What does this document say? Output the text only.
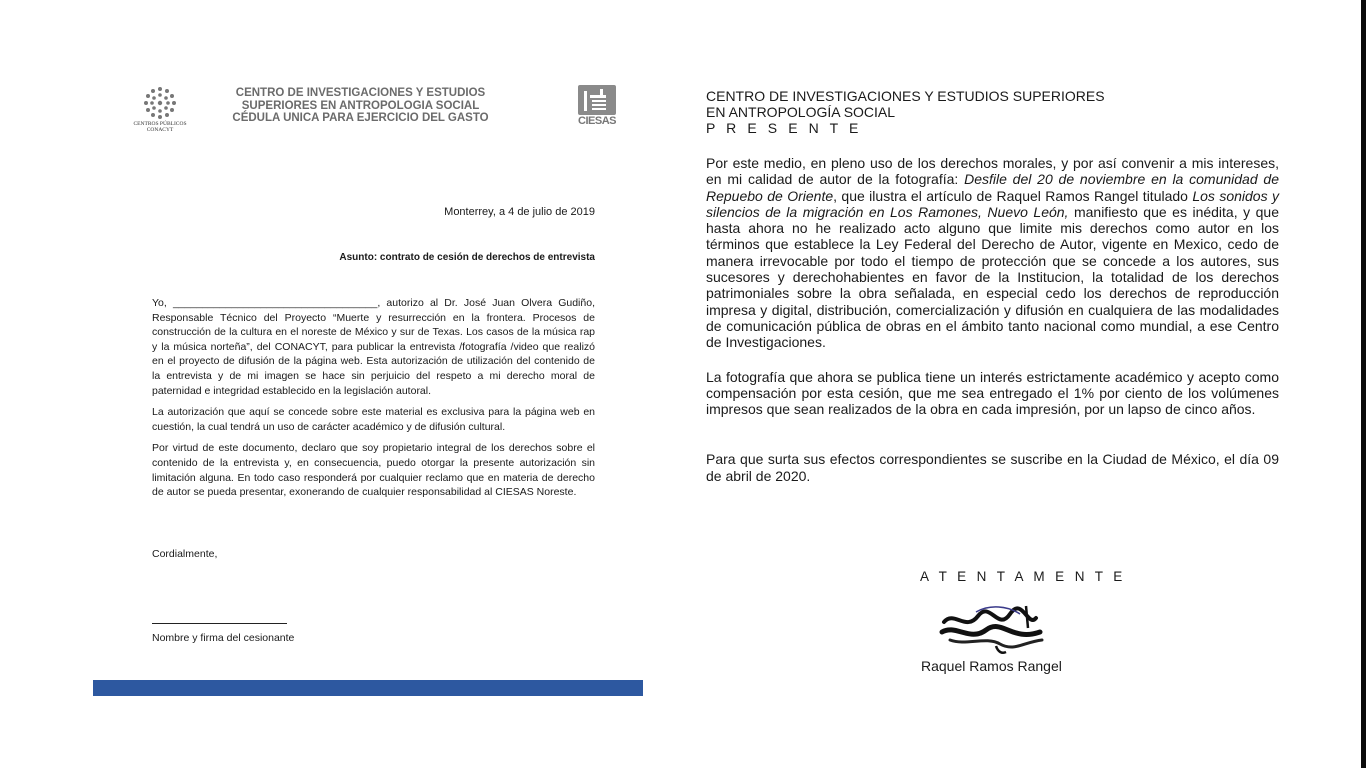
CENTROS PÚBLICOS CONACYT
CENTRO DE INVESTIGACIONES Y ESTUDIOS
SUPERIORES EN ANTROPOLOGIA SOCIAL
CÉDULA UNICA PARA EJERCICIO DEL GASTO	CIESAS
Monterrey, a 4 de julio de 2019
Asunto: contrato de cesión de derechos de entrevista

Yo, ___________________________________, autorizo al Dr. José Juan Olvera Gudiño, Responsable Técnico del Proyecto “Muerte y resurrección en la frontera. Procesos de construcción de la cultura en el noreste de México y sur de Texas. Los casos de la música rap y la música norteña”, del CONACYT, para publicar la entrevista /fotografía /video que realizó en el proyecto de difusión de la página web. Esta autorización de utilización del contenido de la entrevista y de mi imagen se hace sin perjuicio del respeto a mi derecho moral de paternidad e integridad establecido en la legislación autoral.

La autorización que aquí se concede sobre este material es exclusiva para la página web en cuestión, la cual tendrá un uso de carácter académico y de difusión cultural.

Por virtud de este documento, declaro que soy propietario integral de los derechos sobre el contenido de la entrevista y, en consecuencia, puedo otorgar la presente autorización sin limitación alguna. En todo caso responderá por cualquier reclamo que en materia de derecho de autor se pueda presentar, exonerando de cualquier responsabilidad al CIESAS Noreste.

Cordialmente,
Nombre y firma del cesionante
CENTRO DE INVESTIGACIONES Y ESTUDIOS SUPERIORES
EN ANTROPOLOGÍA SOCIAL
P R E S E N T E

Por este medio, en pleno uso de los derechos morales, y por así convenir a mis intereses, en mi calidad de autor de la fotografía: Desfile del 20 de noviembre en la comunidad de Repuebo de Oriente, que ilustra el artículo de Raquel Ramos Rangel titulado Los sonidos y silencios de la migración en Los Ramones, Nuevo León, manifiesto que es inédita, y que hasta ahora no he realizado acto alguno que limite mis derechos como autor en los términos que establece la Ley Federal del Derecho de Autor, vigente en Mexico, cedo de manera irrevocable por todo el tiempo de protección que se concede a los autores, sus sucesores y derechohabientes en favor de la Institucion, la totalidad de los derechos patrimoniales sobre la obra señalada, en especial cedo los derechos de reproducción impresa y digital, distribución, comercialización y difusión en cualquiera de las modalidades de comunicación pública de obras en el ámbito tanto nacional como mundial, a ese Centro de Investigaciones.

La fotografía que ahora se publica tiene un interés estrictamente académico y acepto como compensación por esta cesión, que me sea entregado el 1% por ciento de los volúmenes impresos que sean realizados de la obra en cada impresión, por un lapso de cinco años.

Para que surta sus efectos correspondientes se suscribe en la Ciudad de México, el día 09 de abril de 2020.

A T E N T A M E N T E
Raquel Ramos Rangel
